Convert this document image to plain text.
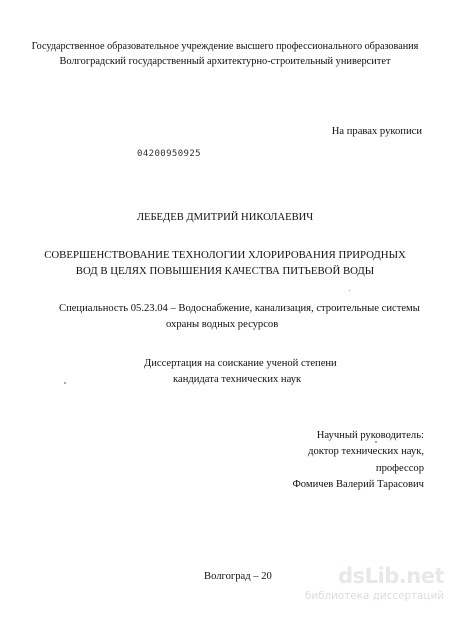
Государственное образовательное учреждение высшего профессионального образования
Волгоградский государственный архитектурно-строительный университет
На правах рукописи
04200950925
ЛЕБЕДЕВ ДМИТРИЙ НИКОЛАЕВИЧ
СОВЕРШЕНСТВОВАНИЕ ТЕХНОЛОГИИ ХЛОРИРОВАНИЯ ПРИРОДНЫХ
ВОД В ЦЕЛЯХ ПОВЫШЕНИЯ КАЧЕСТВА ПИТЬЕВОЙ ВОДЫ
Специальность 05.23.04 – Водоснабжение, канализация, строительные системы
охраны водных ресурсов
Диссертация на соискание ученой степени
кандидата технических наук
Научный руководитель:
доктор технических наук,
профессор
Фомичев Валерий Тарасович
Волгоград – 20	dsLib.net
библиотека диссертаций
